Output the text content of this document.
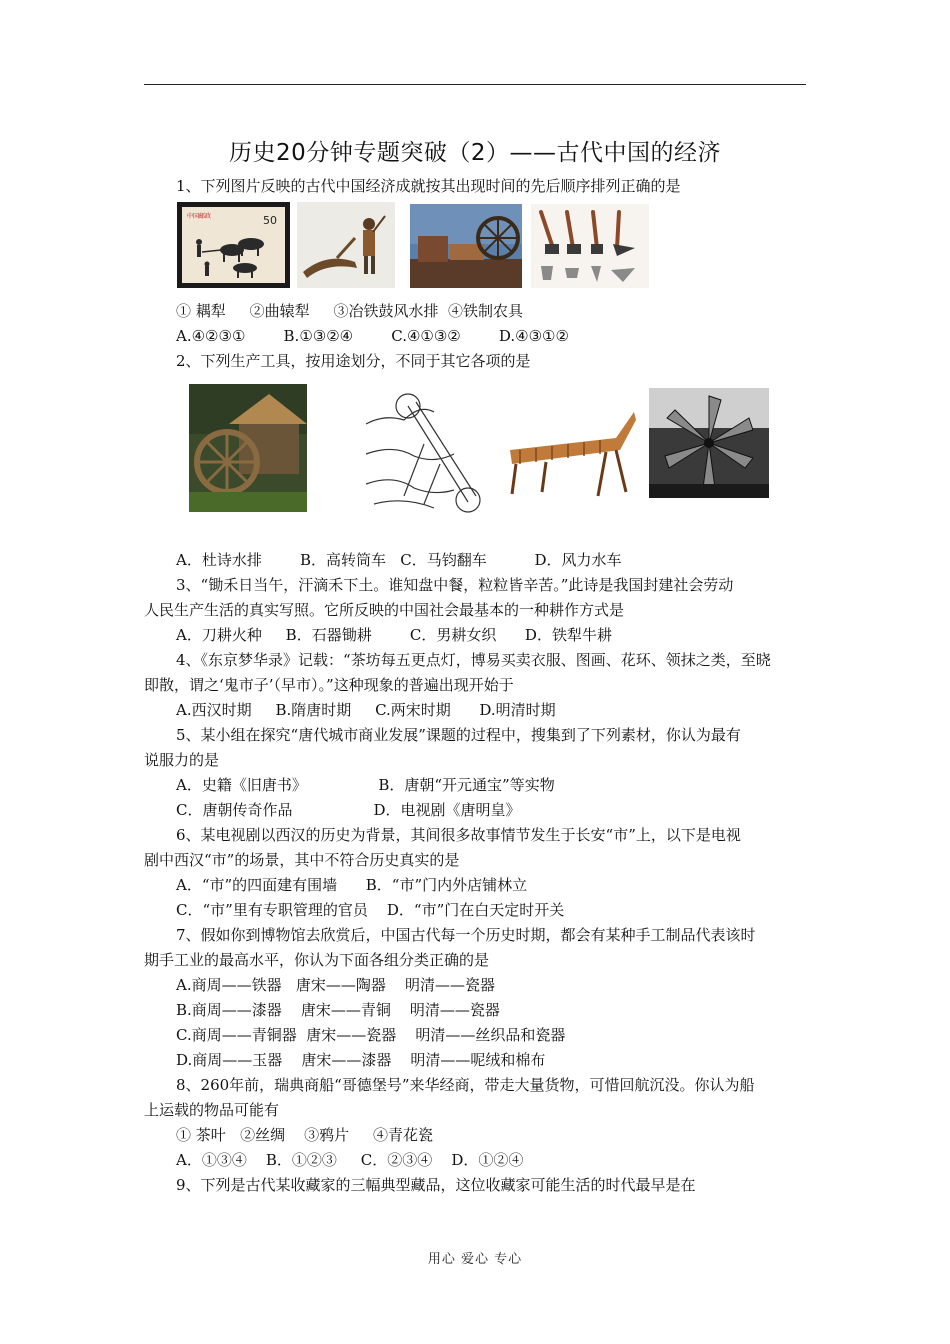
历史20分钟专题突破（2）——古代中国的经济
1、下列图片反映的古代中国经济成就按其出现时间的先后顺序排列正确的是
中国邮政	50
① 耦犁     ②曲辕犁     ③冶铁鼓风水排  ④铁制农具
A.④②③①        B.①③②④        C.④①③②        D.④③①②
2、下列生产工具，按用途划分，不同于其它各项的是
A．杜诗水排        B．高转筒车   C．马钧翻车          D．风力水车
3、“锄禾日当午，汗滴禾下土。谁知盘中餐，粒粒皆辛苦。”此诗是我国封建社会劳动
人民生产生活的真实写照。它所反映的中国社会最基本的一种耕作方式是
A．刀耕火种     B．石器锄耕        C．男耕女织      D．铁犁牛耕
4、《东京梦华录》记载：“茶坊每五更点灯，博易买卖衣服、图画、花环、领抹之类，至晓
即散，谓之‘鬼市子’（早市）。”这种现象的普遍出现开始于
A.西汉时期     B.隋唐时期     C.两宋时期      D.明清时期
5、某小组在探究“唐代城市商业发展”课题的过程中，搜集到了下列素材，你认为最有
说服力的是
A．史籍《旧唐书》               B．唐朝“开元通宝”等实物
C．唐朝传奇作品                 D．电视剧《唐明皇》
6、某电视剧以西汉的历史为背景，其间很多故事情节发生于长安“市”上，以下是电视
剧中西汉“市”的场景，其中不符合历史真实的是
A．“市”的四面建有围墙      B．“市”门内外店铺林立
C．“市”里有专职管理的官员    D．“市”门在白天定时开关
7、假如你到博物馆去欣赏后，中国古代每一个历史时期，都会有某种手工制品代表该时
期手工业的最高水平，你认为下面各组分类正确的是
A.商周——铁器   唐宋——陶器    明清——瓷器
B.商周——漆器    唐宋——青铜    明清——瓷器
C.商周——青铜器  唐宋——瓷器    明清——丝织品和瓷器
D.商周——玉器    唐宋——漆器    明清——呢绒和棉布
8、260年前，瑞典商船“哥德堡号”来华经商，带走大量货物，可惜回航沉没。你认为船
上运载的物品可能有
① 茶叶   ②丝绸    ③鸦片     ④青花瓷
A．①③④    B．①②③     C．②③④    D．①②④
9、下列是古代某收藏家的三幅典型藏品，这位收藏家可能生活的时代最早是在
用心 爱心 专心
